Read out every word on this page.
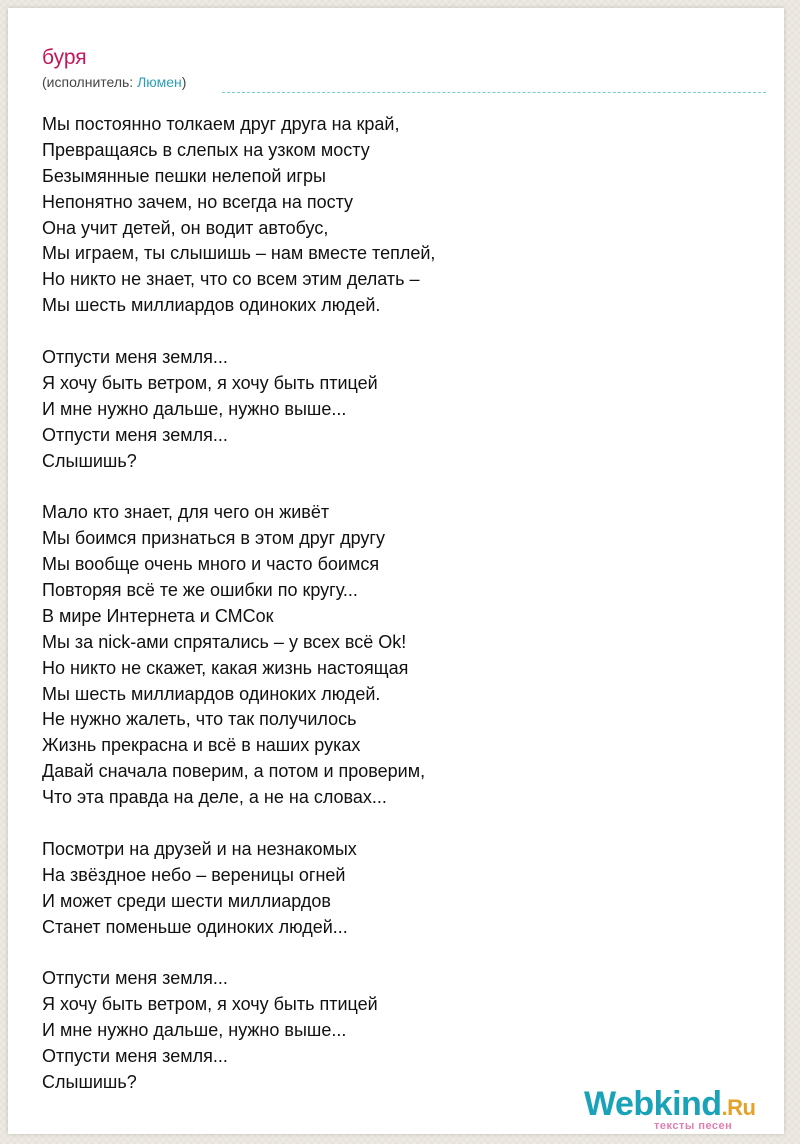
буря
(исполнитель: Люмен)
Мы постоянно толкаем друг друга на край,
Превращаясь в слепых на узком мосту
Безымянные пешки нелепой игры
Непонятно зачем, но всегда на посту
Она учит детей, он водит автобус,
Мы играем, ты слышишь – нам вместе теплей,
Но никто не знает, что со всем этим делать –
Мы шесть миллиардов одиноких людей.
Отпусти меня земля...
Я хочу быть ветром, я хочу быть птицей
И мне нужно дальше, нужно выше...
Отпусти меня земля...
Слышишь?
Мало кто знает, для чего он живёт
Мы боимся признаться в этом друг другу
Мы вообще очень много и часто боимся
Повторяя всё те же ошибки по кругу...
В мире Интернета и СМСок
Мы за nick-ами спрятались – у всех всё Ok!
Но никто не скажет, какая жизнь настоящая
Мы шесть миллиардов одиноких людей.
Не нужно жалеть, что так получилось
Жизнь прекрасна и всё в наших руках
Давай сначала поверим, а потом и проверим,
Что эта правда на деле, а не на словах...
Посмотри на друзей и на незнакомых
На звёздное небо – вереницы огней
И может среди шести миллиардов
Станет поменьше одиноких людей...
Отпусти меня земля...
Я хочу быть ветром, я хочу быть птицей
И мне нужно дальше, нужно выше...
Отпусти меня земля...
Слышишь?
Webkind.Ru
тексты песен
